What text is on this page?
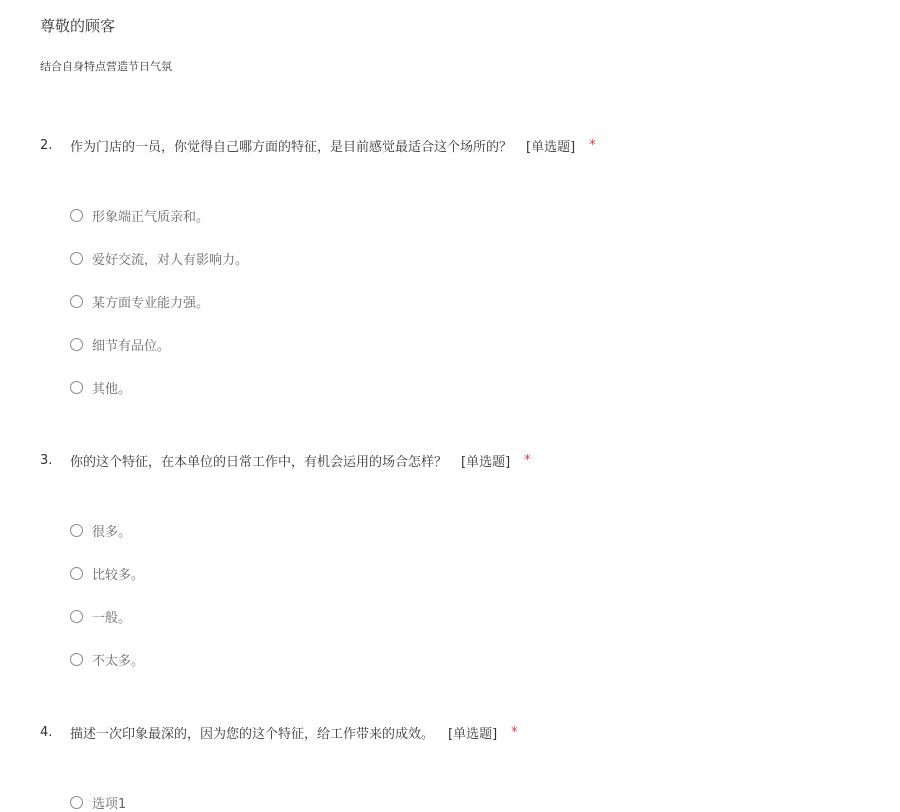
尊敬的顾客
结合自身特点营造节日气氛
2.	作为门店的一员，你觉得自己哪方面的特征，是目前感觉最适合这个场所的？ [单选题] *
形象端正气质亲和。
爱好交流，对人有影响力。
某方面专业能力强。
细节有品位。
其他。
3.	你的这个特征，在本单位的日常工作中，有机会运用的场合怎样？ [单选题] *
很多。
比较多。
一般。
不太多。
4.	描述一次印象最深的，因为您的这个特征，给工作带来的成效。 [单选题] *
选项1
